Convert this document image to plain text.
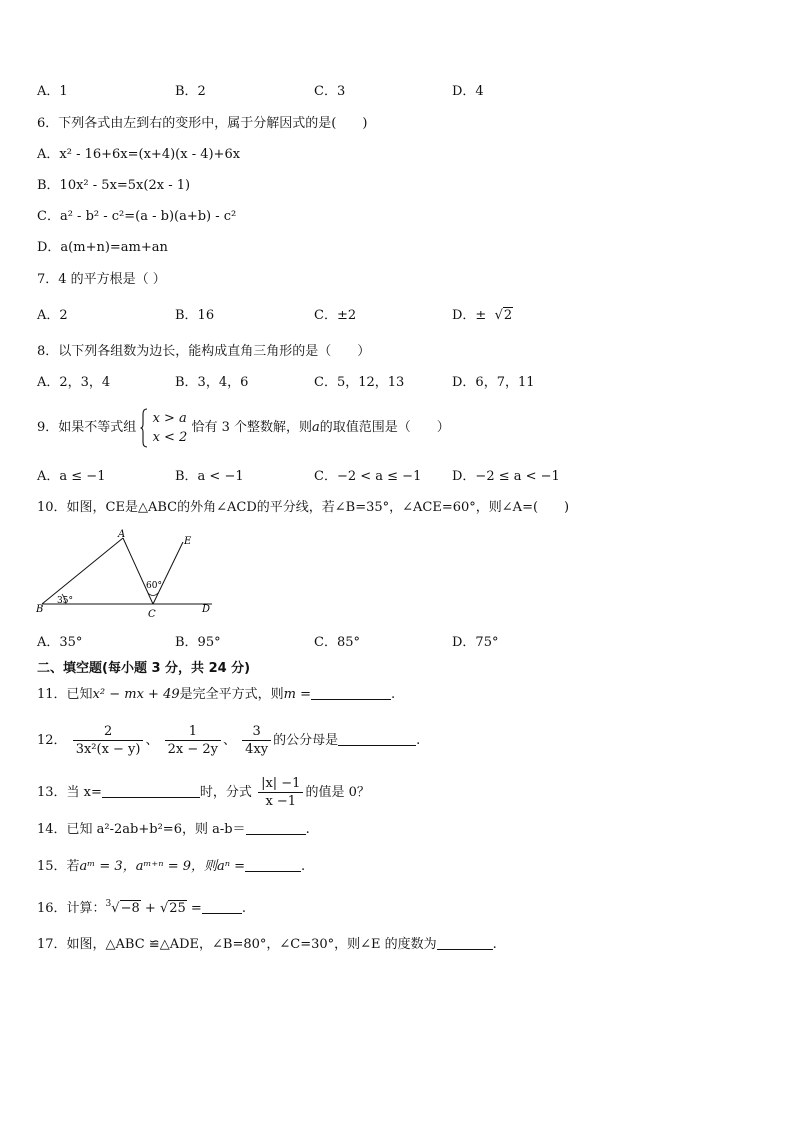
A．1	B．2	C．3	D．4
6．下列各式由左到右的变形中，属于分解因式的是(　　)
A．x² - 16+6x=(x+4)(x - 4)+6x
B．10x² - 5x=5x(2x - 1)
C．a² - b² - c²=(a - b)(a+b) - c²
D．a(m+n)=am+an
7．4 的平方根是（ ）
A．2	B．16	C．±2	D．±  √2
8．以下列各组数为边长，能构成直角三角形的是（　　）
A．2，3，4	B．3，4，6	C．5，12，13	D．6，7，11
9．如果不等式组
x > a
x < 2
恰有 3 个整数解，则a的取值范围是（　　）
A．a ≤ −1	B．a < −1	C．−2 < a ≤ −1 D．−2 ≤ a < −1
10．如图，CE是△ABC的外角∠ACD的平分线，若∠B=35°，∠ACE=60°，则∠A=(　　)
A
B	C	D
E
60°
35°
A．35°	B．95°	C．85°	D．75°
二、填空题(每小题 3 分，共 24 分)
11．已知x² − mx + 49是完全平方式，则m =	.
12． $\frac{2}{\text{3x²(x − y)}}$ 、 $\frac{1}{2x - 2y}$ 、 $\frac{3}{4xy}$ 的公分母是	.
13．当 x=	时，分式 $\frac{|x| -1}{x -1}$ 的值是 0？
14．已知 a²-2ab+b²=6，则 a-b＝	.
15．若aᵐ = 3，aᵐ⁺ⁿ = 9，则aⁿ =	.
16．计算：$^3$√−8 + √25 =	.
17．如图，△ABC ≌△ADE，∠B=80°，∠C=30°，则∠E 的度数为	.
